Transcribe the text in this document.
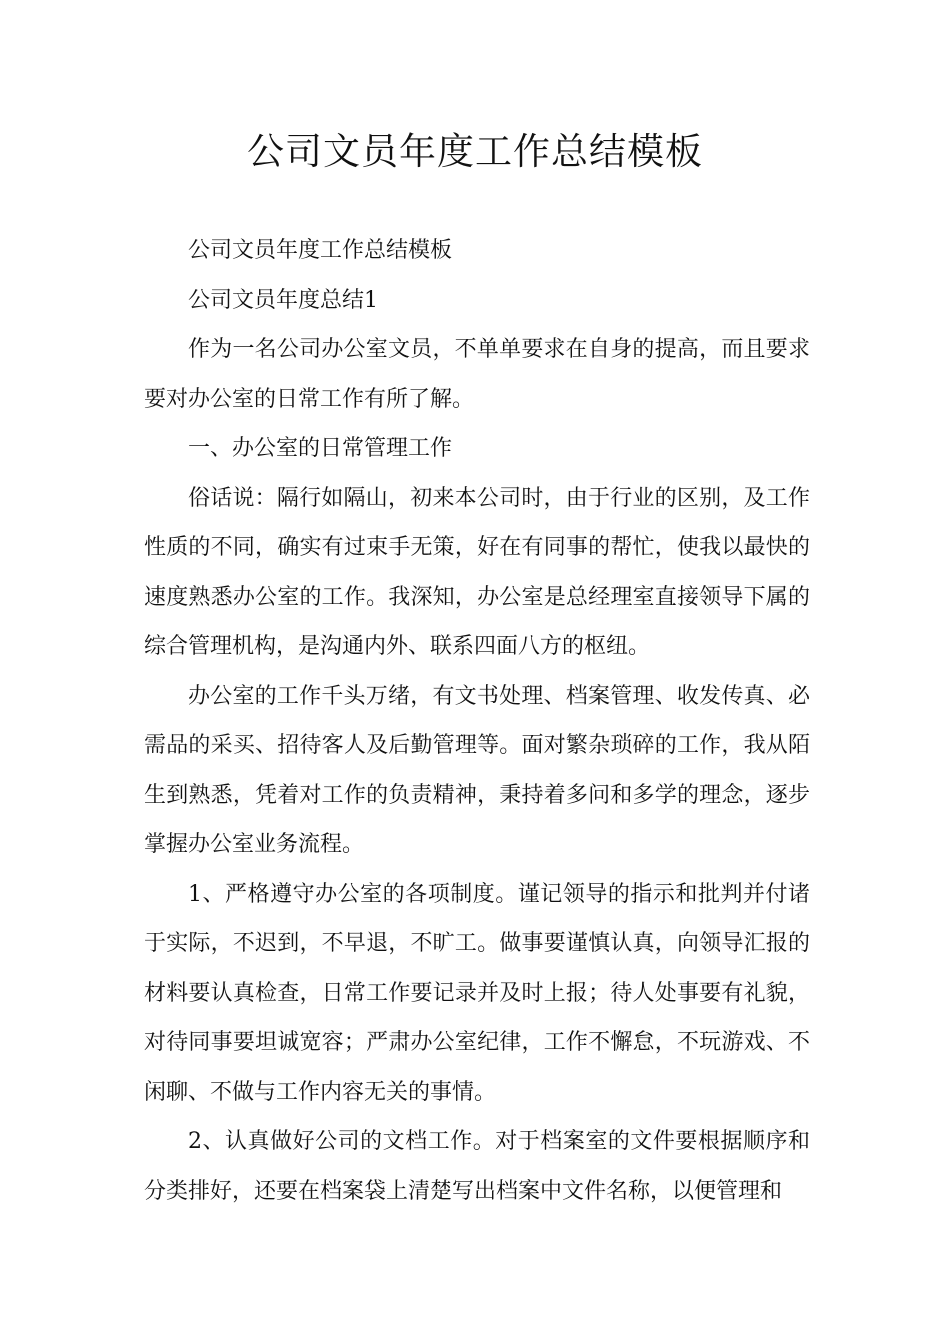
公司文员年度工作总结模板

公司文员年度工作总结模板

公司文员年度总结1

作为一名公司办公室文员，不单单要求在自身的提高，而且要求要对办公室的日常工作有所了解。

一、办公室的日常管理工作

俗话说：隔行如隔山，初来本公司时，由于行业的区别，及工作性质的不同，确实有过束手无策，好在有同事的帮忙，使我以最快的速度熟悉办公室的工作。我深知，办公室是总经理室直接领导下属的综合管理机构，是沟通内外、联系四面八方的枢纽。

办公室的工作千头万绪，有文书处理、档案管理、收发传真、必需品的采买、招待客人及后勤管理等。面对繁杂琐碎的工作，我从陌生到熟悉，凭着对工作的负责精神，秉持着多问和多学的理念，逐步掌握办公室业务流程。

1、严格遵守办公室的各项制度。谨记领导的指示和批判并付诸于实际，不迟到，不早退，不旷工。做事要谨慎认真，向领导汇报的材料要认真检查，日常工作要记录并及时上报；待人处事要有礼貌，对待同事要坦诚宽容；严肃办公室纪律，工作不懈怠，不玩游戏、不闲聊、不做与工作内容无关的事情。

2、认真做好公司的文档工作。对于档案室的文件要根据顺序和分类排好，还要在档案袋上清楚写出档案中文件名称，以便管理和
